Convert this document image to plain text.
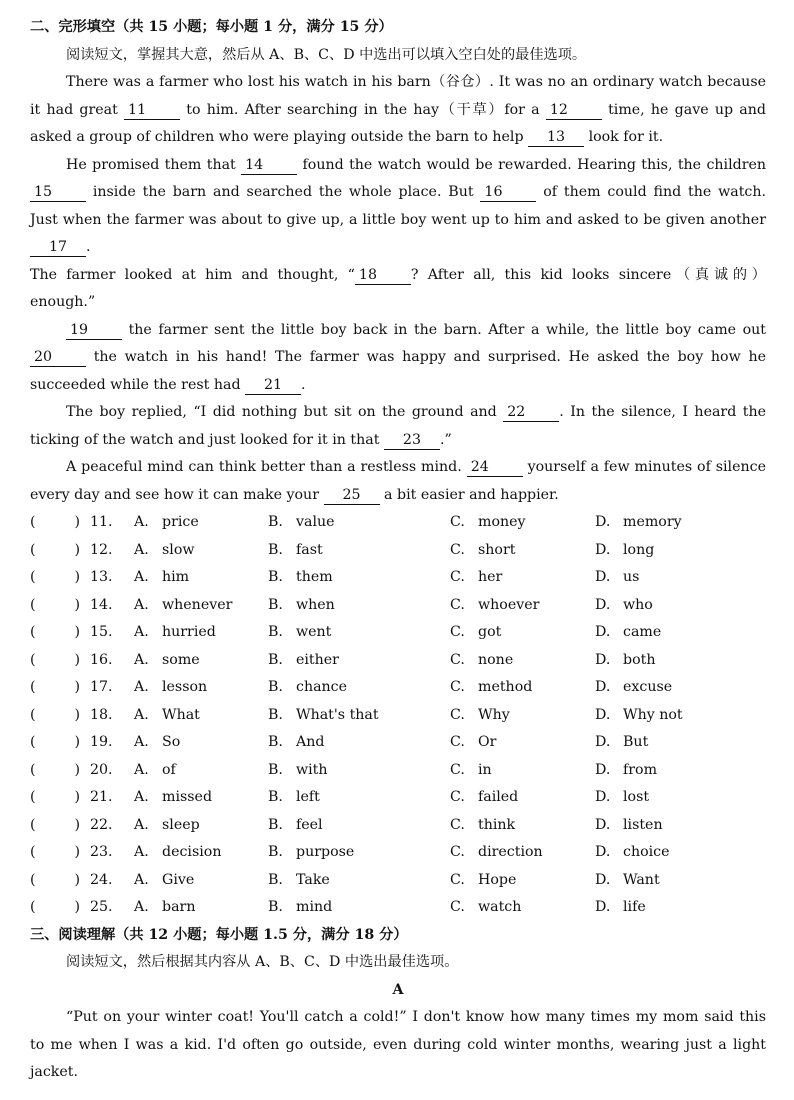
二、完形填空（共 15 小题；每小题 1 分，满分 15 分）
阅读短文，掌握其大意，然后从 A、B、C、D 中选出可以填入空白处的最佳选项。
There was a farmer who lost his watch in his barn（谷仓）. It was no an ordinary watch because
it had great 11	to him. After searching in the hay（干草）for a 12	time, he gave up and
asked a group of children who were playing outside the barn to help 13 look for it.
He promised them that 14	found the watch would be rewarded. Hearing this, the children
15	inside the barn and searched the whole place. But 16	of them could find the watch.
Just when the farmer was about to give up, a little boy went up to him and asked to be given another
17 .
The farmer looked at him and thought, “ 18 ? After all, this kid looks sincere（真诚的）
enough.”
19	the farmer sent the little boy back in the barn. After a while, the little boy came out
20	the watch in his hand! The farmer was happy and surprised. He asked the boy how he
succeeded while the rest had 21 .
The boy replied, “I did nothing but sit on the ground and 22 . In the silence, I heard the
ticking of the watch and just looked for it in that 23 .”
A peaceful mind can think better than a restless mind. 24	yourself a few minutes of silence
every day and see how it can make your 25 a bit easier and happier.
(	) 11.	A. price	B. value	C. money	D. memory
(	) 12.	A. slow	B. fast	C. short	D. long
(	) 13.	A. him	B. them	C. her	D. us
(	) 14.	A. whenever	B. when	C. whoever	D. who
(	) 15.	A. hurried	B. went	C. got	D. came
(	) 16.	A. some	B. either	C. none	D. both
(	) 17.	A. lesson	B. chance	C. method	D. excuse
(	) 18.	A. What	B. What's that	C. Why	D. Why not
(	) 19.	A. So	B. And	C. Or	D. But
(	) 20.	A. of	B. with	C. in	D. from
(	) 21.	A. missed	B. left	C. failed	D. lost
(	) 22.	A. sleep	B. feel	C. think	D. listen
(	) 23.	A. decision	B. purpose	C. direction	D. choice
(	) 24.	A. Give	B. Take	C. Hope	D. Want
(	) 25.	A. barn	B. mind	C. watch	D. life
三、阅读理解（共 12 小题；每小题 1.5 分，满分 18 分）
阅读短文，然后根据其内容从 A、B、C、D 中选出最佳选项。
A
“Put on your winter coat! You'll catch a cold!” I don't know how many times my mom said this
to me when I was a kid. I'd often go outside, even during cold winter months, wearing just a light
jacket.
